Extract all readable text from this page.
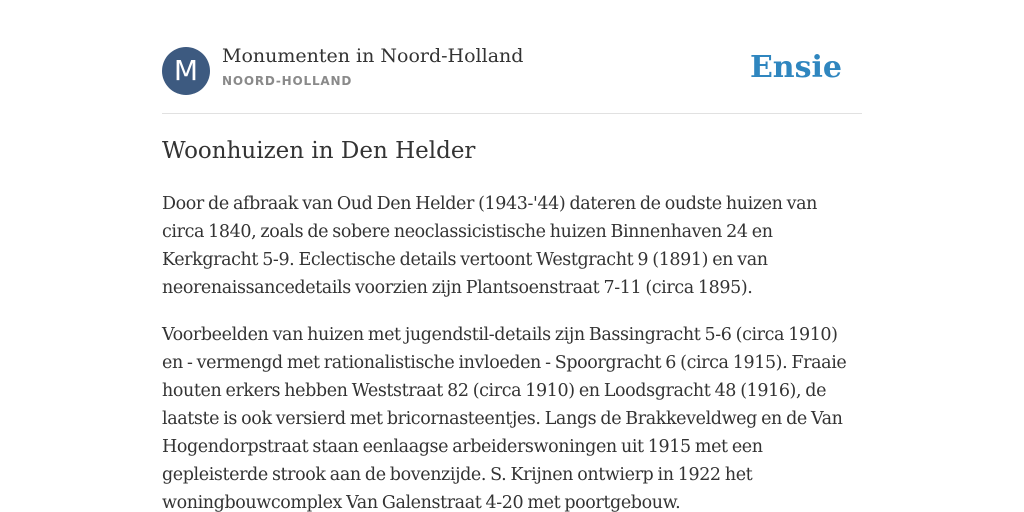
M	Monumenten in Noord-Holland
NOORD-HOLLAND	Ensie
Woonhuizen in Den Helder

Door de afbraak van Oud Den Helder (1943-'44) dateren de oudste huizen van circa 1840, zoals de sobere neoclassicistische huizen Binnenhaven 24 en Kerkgracht 5-9. Eclectische details vertoont Westgracht 9 (1891) en van neorenaissancedetails voorzien zijn Plantsoenstraat 7-11 (circa 1895).

Voorbeelden van huizen met jugendstil-details zijn Bassingracht 5-6 (circa 1910) en - vermengd met rationalistische invloeden - Spoorgracht 6 (circa 1915). Fraaie houten erkers hebben Weststraat 82 (circa 1910) en Loodsgracht 48 (1916), de laatste is ook versierd met bricornasteentjes. Langs de Brakkeveldweg en de Van Hogendorpstraat staan eenlaagse arbeiderswoningen uit 1915 met een gepleisterde strook aan de bovenzijde. S. Krijnen ontwierp in 1922 het woningbouwcomplex Van Galenstraat 4-20 met poortgebouw.
